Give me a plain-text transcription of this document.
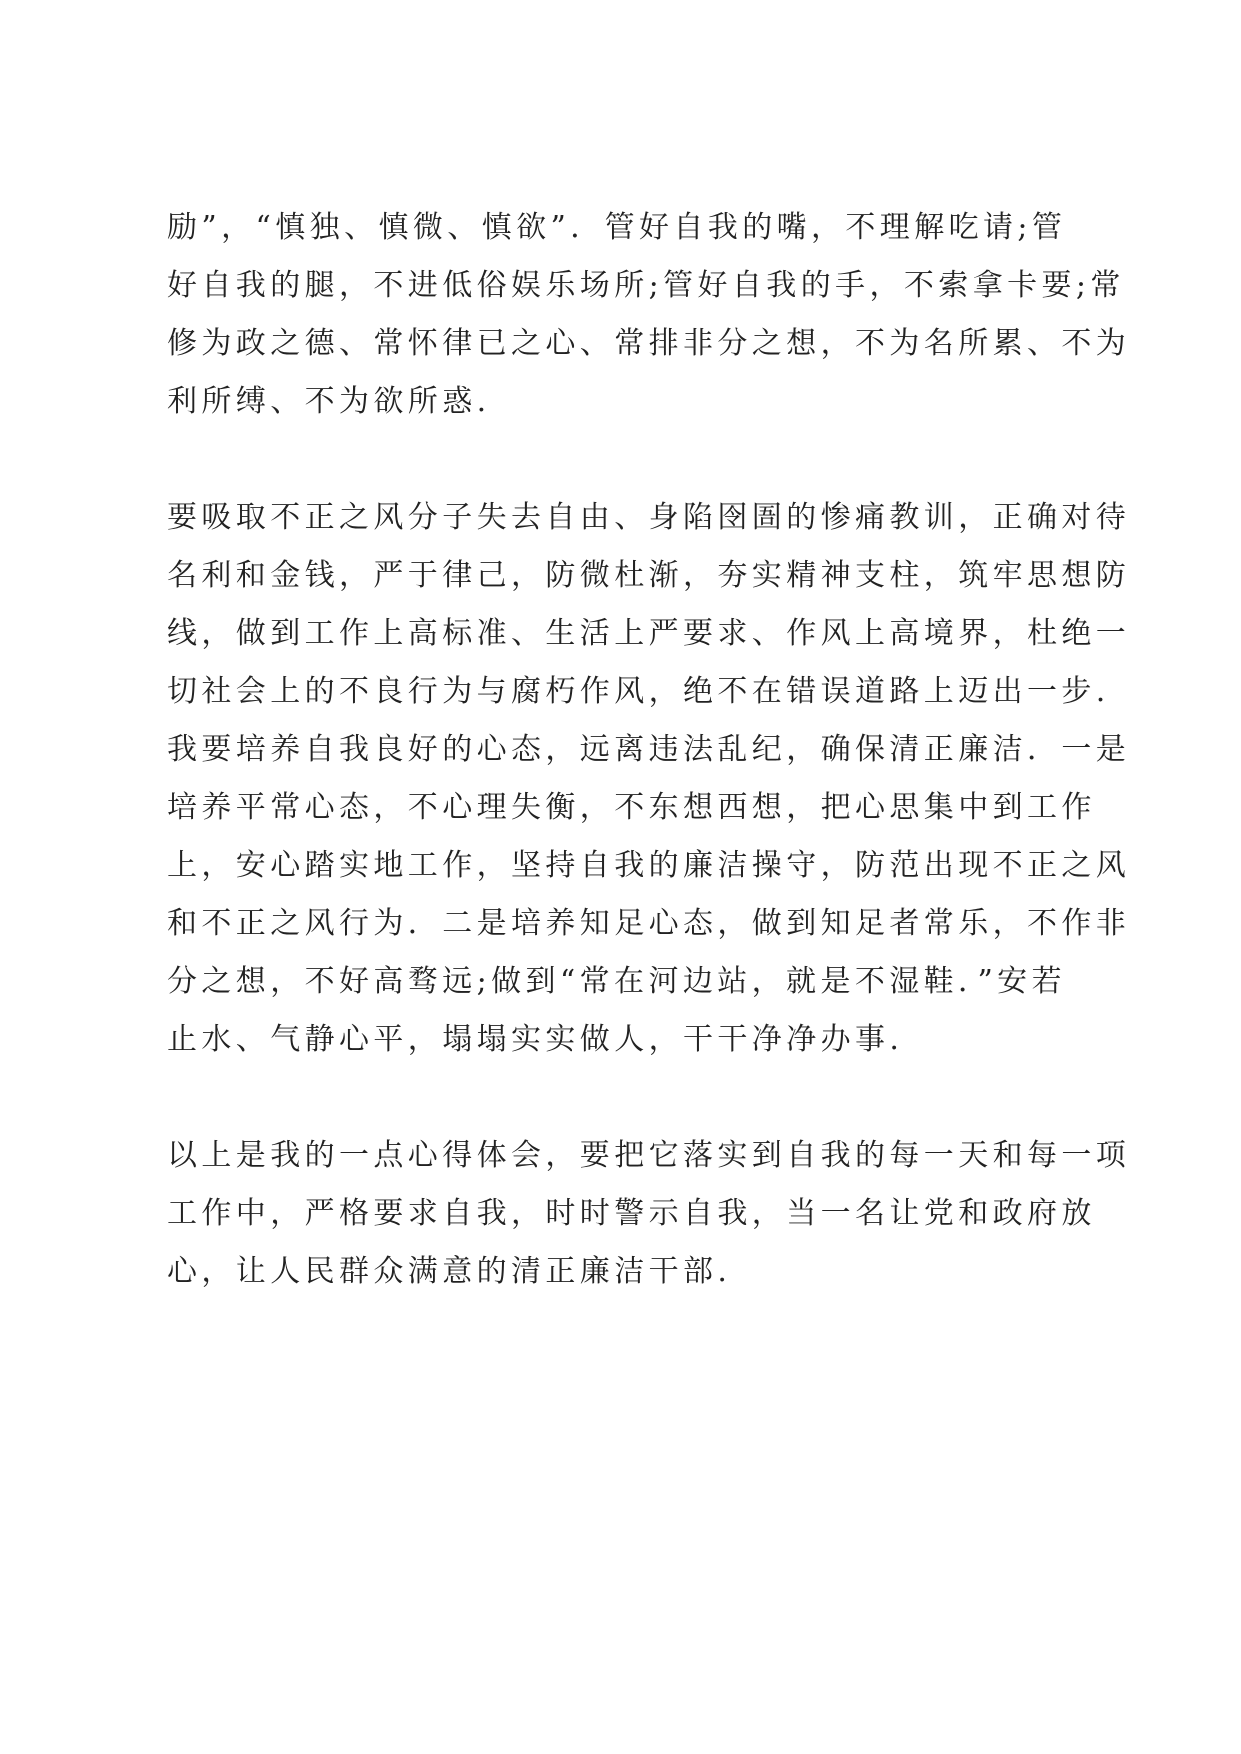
励”，“慎独、慎微、慎欲”．管好自我的嘴，不理解吃请;管

好自我的腿，不进低俗娱乐场所;管好自我的手，不索拿卡要;常

修为政之德、常怀律已之心、常排非分之想，不为名所累、不为

利所缚、不为欲所惑.

要吸取不正之风分子失去自由、身陷囹圄的惨痛教训，正确对待

名利和金钱，严于律己，防微杜渐，夯实精神支柱，筑牢思想防

线，做到工作上高标准、生活上严要求、作风上高境界，杜绝一

切社会上的不良行为与腐朽作风，绝不在错误道路上迈出一步.

我要培养自我良好的心态，远离违法乱纪，确保清正廉洁．一是

培养平常心态，不心理失衡，不东想西想，把心思集中到工作

上，安心踏实地工作，坚持自我的廉洁操守，防范出现不正之风

和不正之风行为．二是培养知足心态，做到知足者常乐，不作非

分之想，不好高骛远;做到“常在河边站，就是不湿鞋．”安若

止水、气静心平，塌塌实实做人，干干净净办事.

以上是我的一点心得体会，要把它落实到自我的每一天和每一项

工作中，严格要求自我，时时警示自我，当一名让党和政府放

心，让人民群众满意的清正廉洁干部.
